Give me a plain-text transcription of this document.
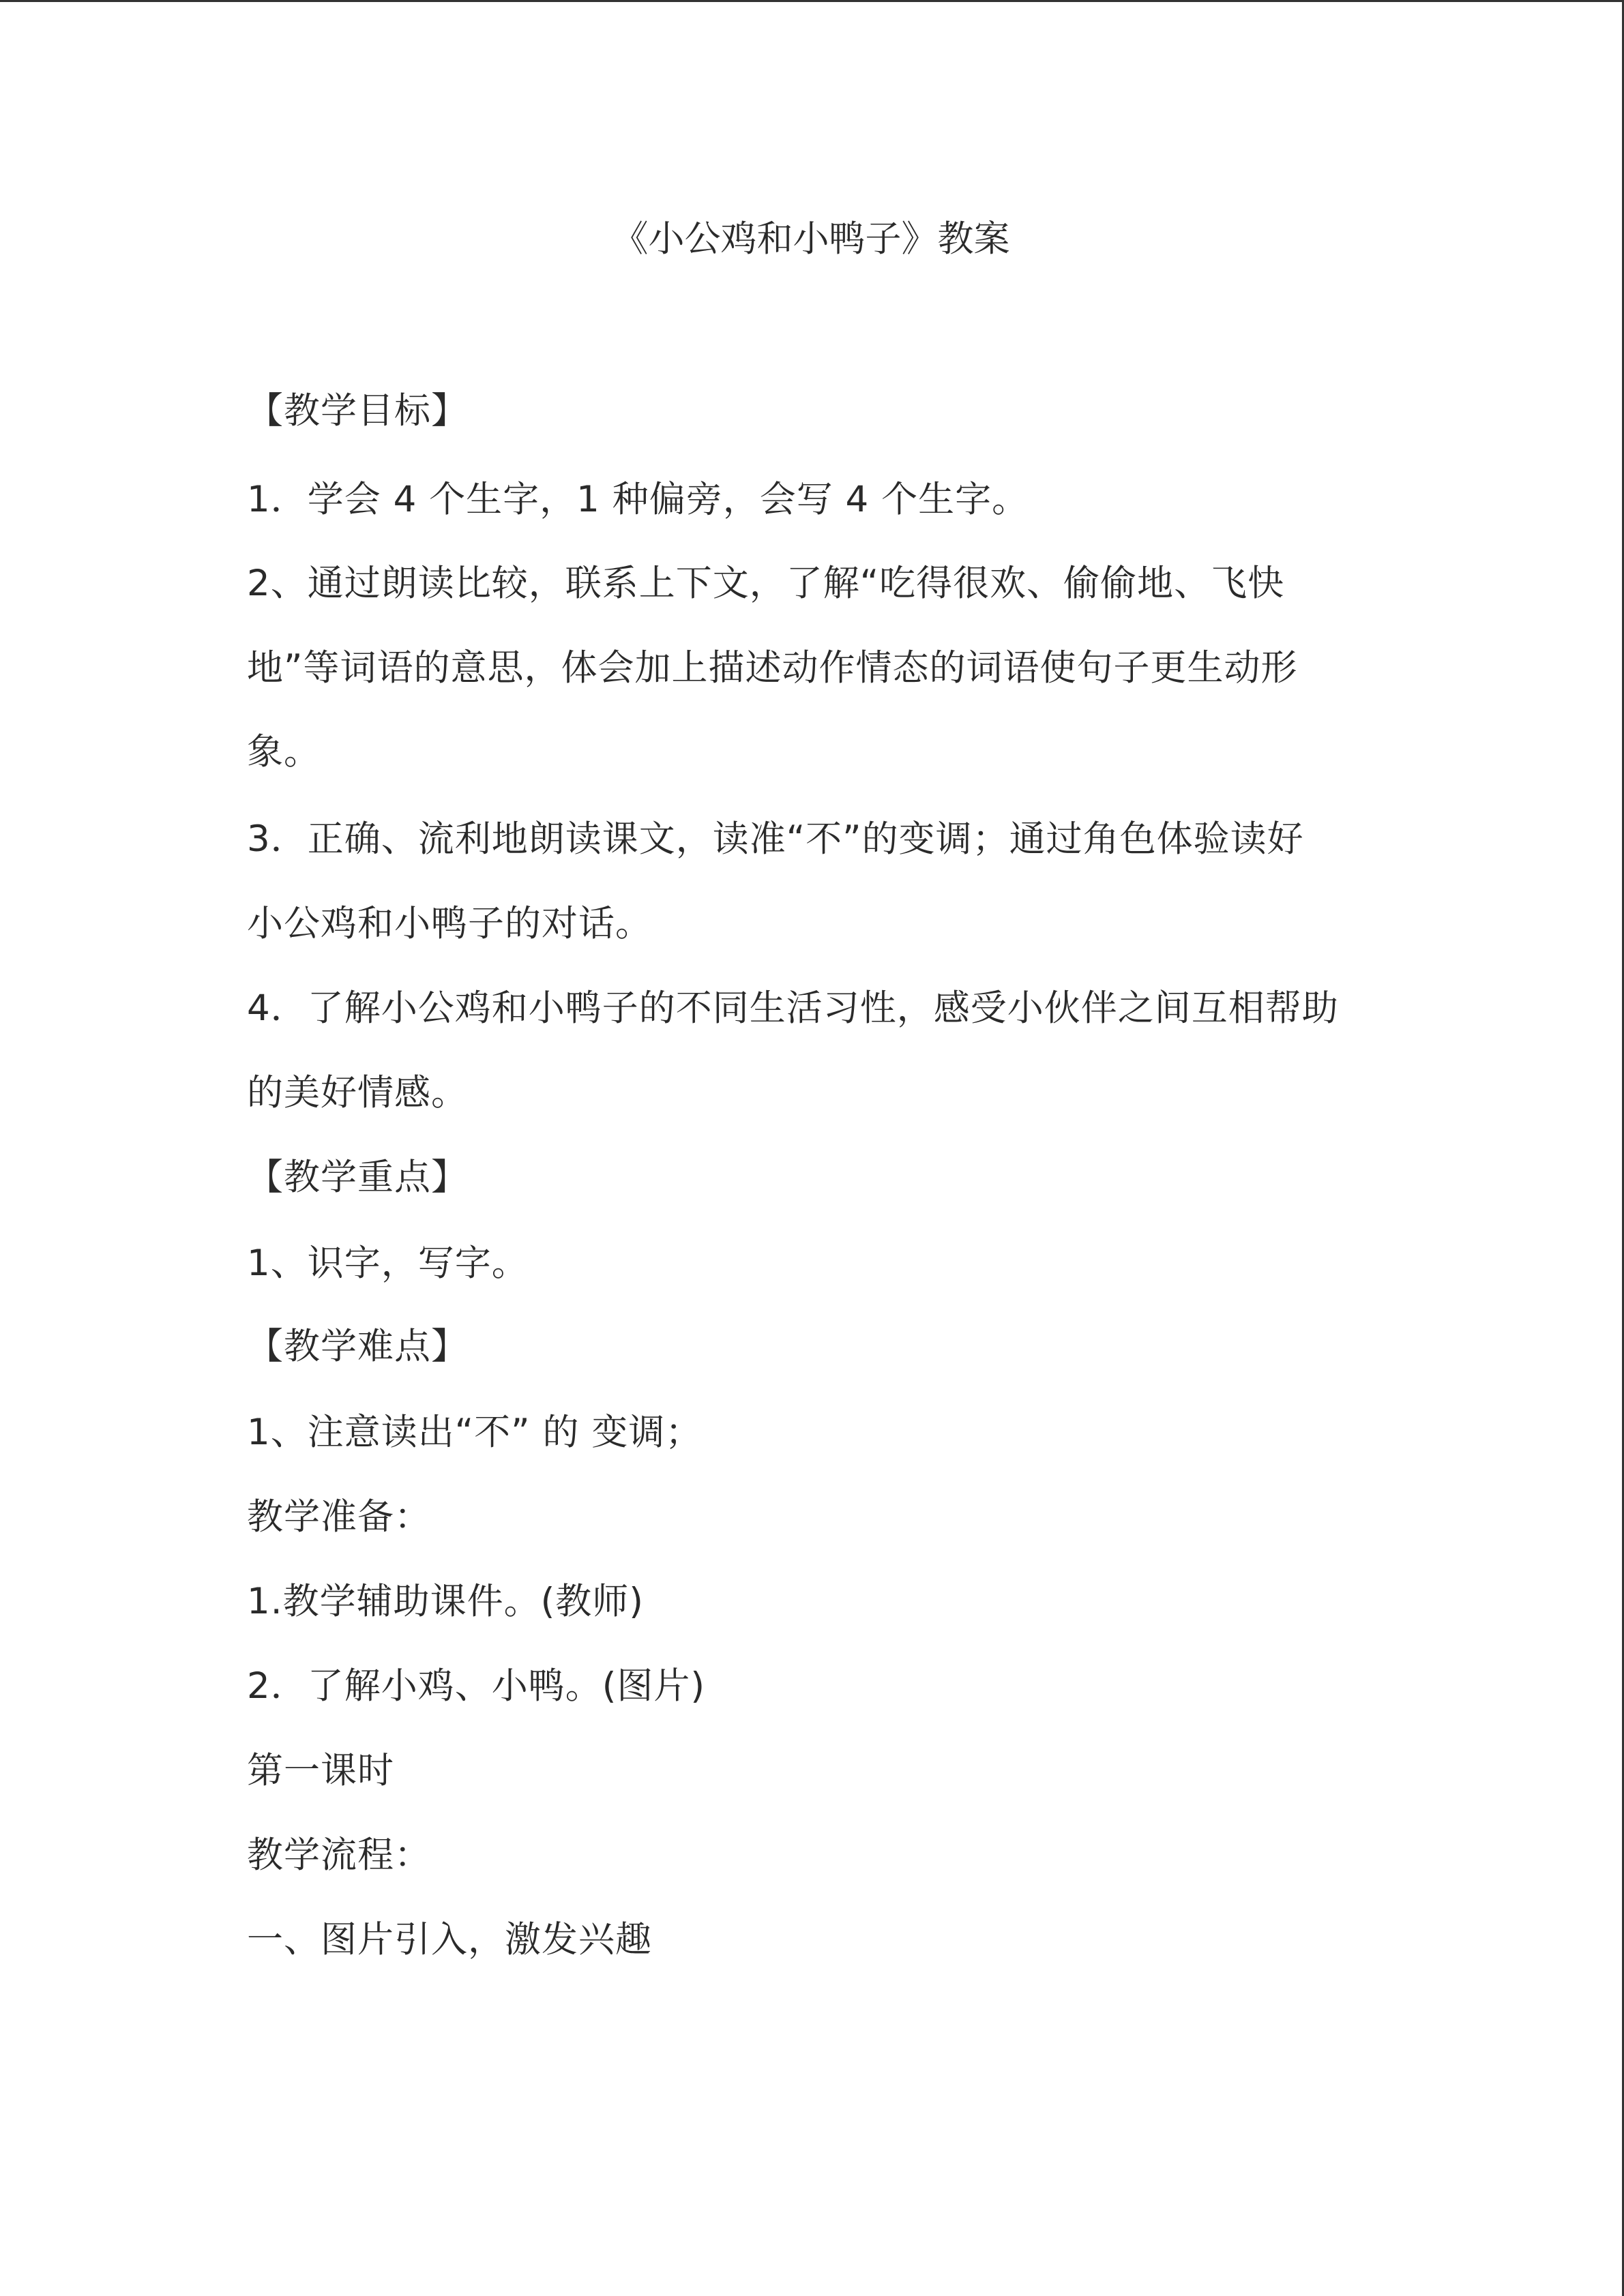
《小公鸡和小鸭子》教案
【教学目标】
1．学会 4 个生字，1 种偏旁，会写 4 个生字。
2、通过朗读比较，联系上下文，了解“吃得很欢、偷偷地、飞快
地”等词语的意思，体会加上描述动作情态的词语使句子更生动形
象。
3．正确、流利地朗读课文，读准“不”的变调；通过角色体验读好
小公鸡和小鸭子的对话。
4．了解小公鸡和小鸭子的不同生活习性，感受小伙伴之间互相帮助
的美好情感。
【教学重点】
1、识字，写字。
【教学难点】
1、注意读出“不” 的 变调；
教学准备：
1.教学辅助课件。(教师)
2．了解小鸡、小鸭。(图片)
第一课时
教学流程：
一、图片引入，激发兴趣
